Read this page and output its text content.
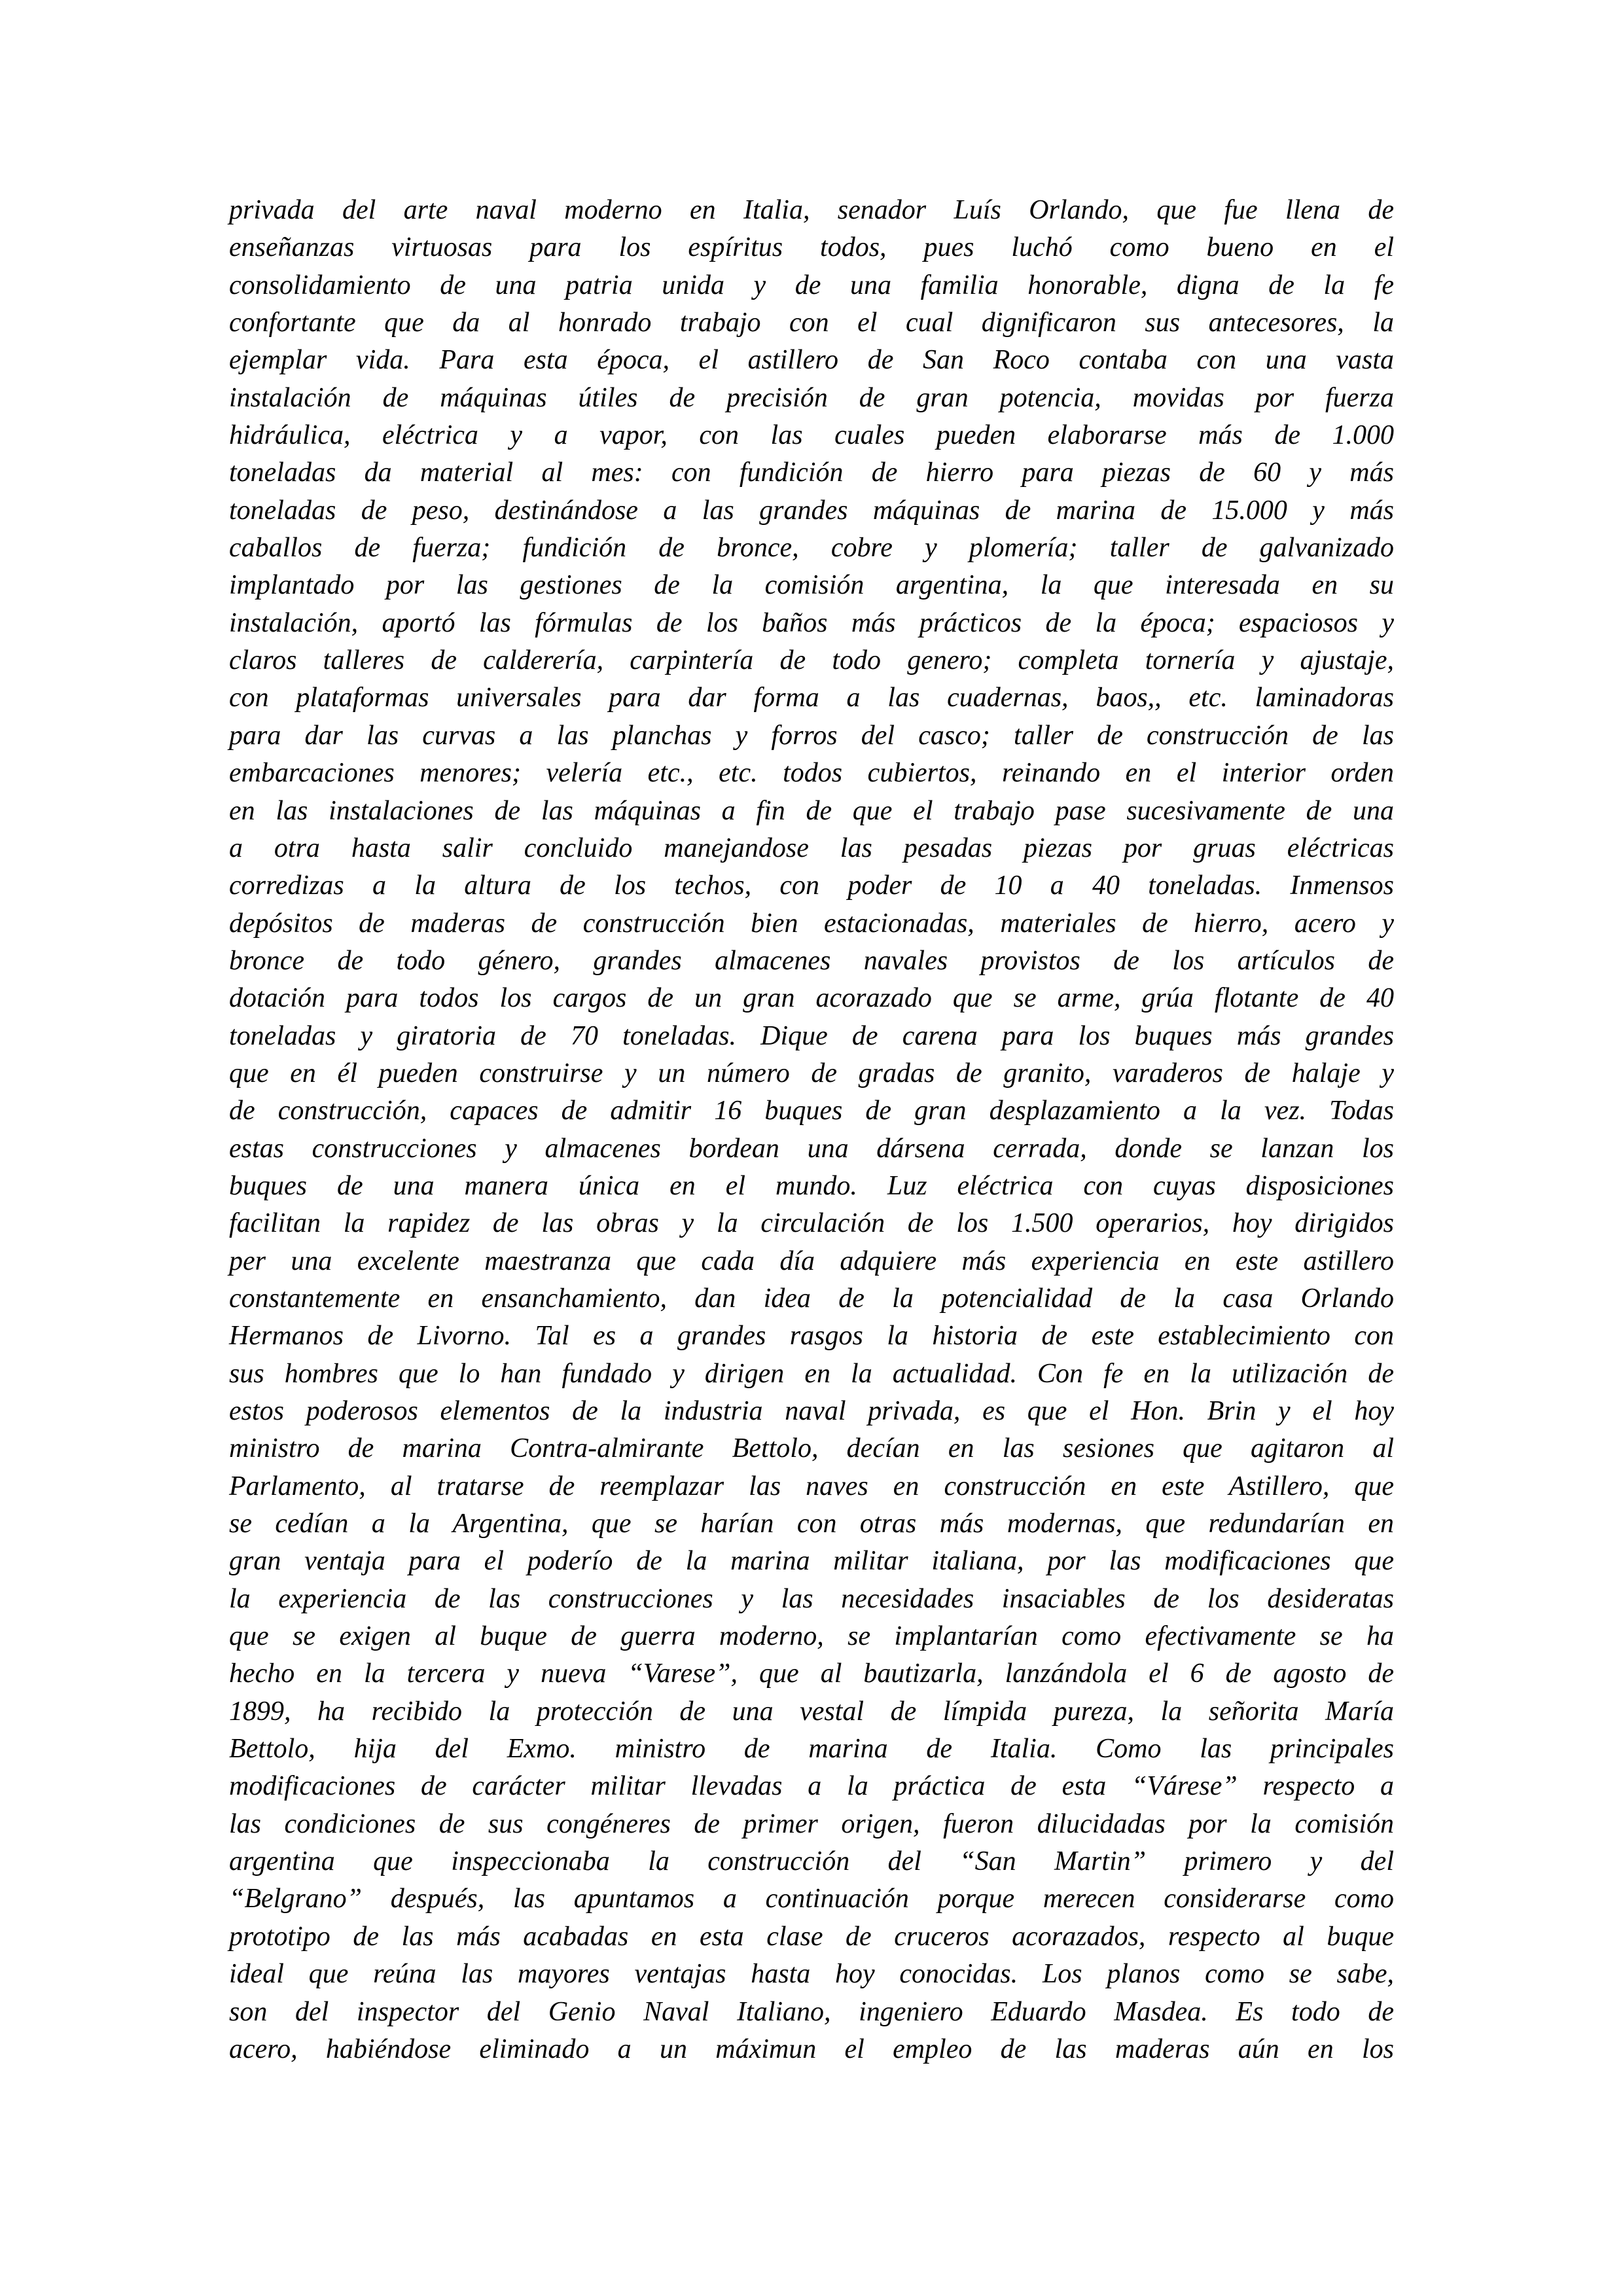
privada del arte naval moderno en Italia, senador Luís Orlando, que fue llena de
enseñanzas virtuosas para los espíritus todos, pues luchó como bueno en el
consolidamiento de una patria unida y de una familia honorable, digna de la fe
confortante que da al honrado trabajo con el cual dignificaron sus antecesores, la
ejemplar vida. Para esta época, el astillero de San Roco contaba con una vasta
instalación de máquinas útiles de precisión de gran potencia, movidas por fuerza
hidráulica, eléctrica y a vapor, con las cuales pueden elaborarse más de 1.000
toneladas da material al mes: con fundición de hierro para piezas de 60 y más
toneladas de peso, destinándose a las grandes máquinas de marina de 15.000 y más
caballos de fuerza; fundición de bronce, cobre y plomería; taller de galvanizado
implantado por las gestiones de la comisión argentina, la que interesada en su
instalación, aportó las fórmulas de los baños más prácticos de la época; espaciosos y
claros talleres de calderería, carpintería de todo genero; completa tornería y ajustaje,
con plataformas universales para dar forma a las cuadernas, baos,, etc. laminadoras
para dar las curvas a las planchas y forros del casco; taller de construcción de las
embarcaciones menores; velería etc., etc. todos cubiertos, reinando en el interior orden
en las instalaciones de las máquinas a fin de que el trabajo pase sucesivamente de una
a otra hasta salir concluido manejandose las pesadas piezas por gruas eléctricas
corredizas a la altura de los techos, con poder de 10 a 40 toneladas. Inmensos
depósitos de maderas de construcción bien estacionadas, materiales de hierro, acero y
bronce de todo género, grandes almacenes navales provistos de los artículos de
dotación para todos los cargos de un gran acorazado que se arme, grúa flotante de 40
toneladas y giratoria de 70 toneladas. Dique de carena para los buques más grandes
que en él pueden construirse y un número de gradas de granito, varaderos de halaje y
de construcción, capaces de admitir 16 buques de gran desplazamiento a la vez. Todas
estas construcciones y almacenes bordean una dársena cerrada, donde se lanzan los
buques de una manera única en el mundo. Luz eléctrica con cuyas disposiciones
facilitan la rapidez de las obras y la circulación de los 1.500 operarios, hoy dirigidos
per una excelente maestranza que cada día adquiere más experiencia en este astillero
constantemente en ensanchamiento, dan idea de la potencialidad de la casa Orlando
Hermanos de Livorno. Tal es a grandes rasgos la historia de este establecimiento con
sus hombres que lo han fundado y dirigen en la actualidad. Con fe en la utilización de
estos poderosos elementos de la industria naval privada, es que el Hon. Brin y el hoy
ministro de marina Contra-almirante Bettolo, decían en las sesiones que agitaron al
Parlamento, al tratarse de reemplazar las naves en construcción en este Astillero, que
se cedían a la Argentina, que se harían con otras más modernas, que redundarían en
gran ventaja para el poderío de la marina militar italiana, por las modificaciones que
la experiencia de las construcciones y las necesidades insaciables de los desideratas
que se exigen al buque de guerra moderno, se implantarían como efectivamente se ha
hecho en la tercera y nueva “Varese”, que al bautizarla, lanzándola el 6 de agosto de
1899, ha recibido la protección de una vestal de límpida pureza, la señorita María
Bettolo, hija del Exmo. ministro de marina de Italia. Como las principales
modificaciones de carácter militar llevadas a la práctica de esta “Várese” respecto a
las condiciones de sus congéneres de primer origen, fueron dilucidadas por la comisión
argentina que inspeccionaba la construcción del “San Martin” primero y del
“Belgrano” después, las apuntamos a continuación porque merecen considerarse como
prototipo de las más acabadas en esta clase de cruceros acorazados, respecto al buque
ideal que reúna las mayores ventajas hasta hoy conocidas. Los planos como se sabe,
son del inspector del Genio Naval Italiano, ingeniero Eduardo Masdea. Es todo de
acero, habiéndose eliminado a un máximun el empleo de las maderas aún en los
